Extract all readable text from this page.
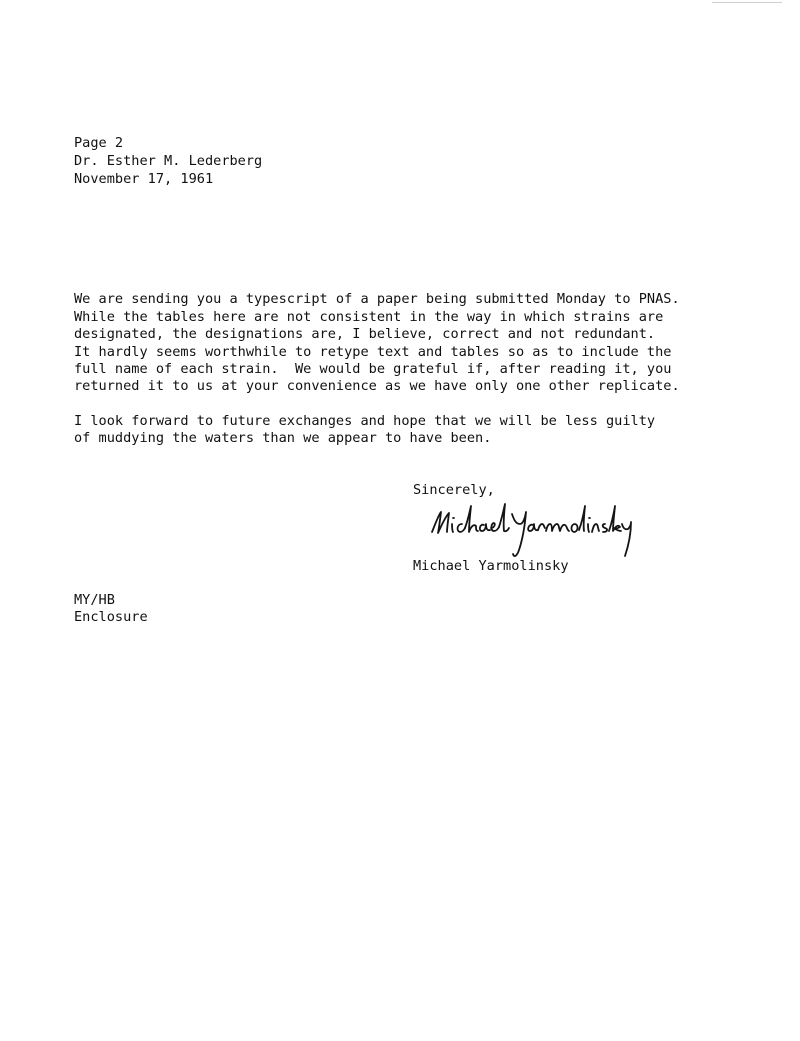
Page 2
Dr. Esther M. Lederberg
November 17, 1961
We are sending you a typescript of a paper being submitted Monday to PNAS.
While the tables here are not consistent in the way in which strains are
designated, the designations are, I believe, correct and not redundant.
It hardly seems worthwhile to retype text and tables so as to include the
full name of each strain.  We would be grateful if, after reading it, you
returned it to us at your convenience as we have only one other replicate.
I look forward to future exchanges and hope that we will be less guilty
of muddying the waters than we appear to have been.
Sincerely,
Michael Yarmolinsky
MY/HB
Enclosure
